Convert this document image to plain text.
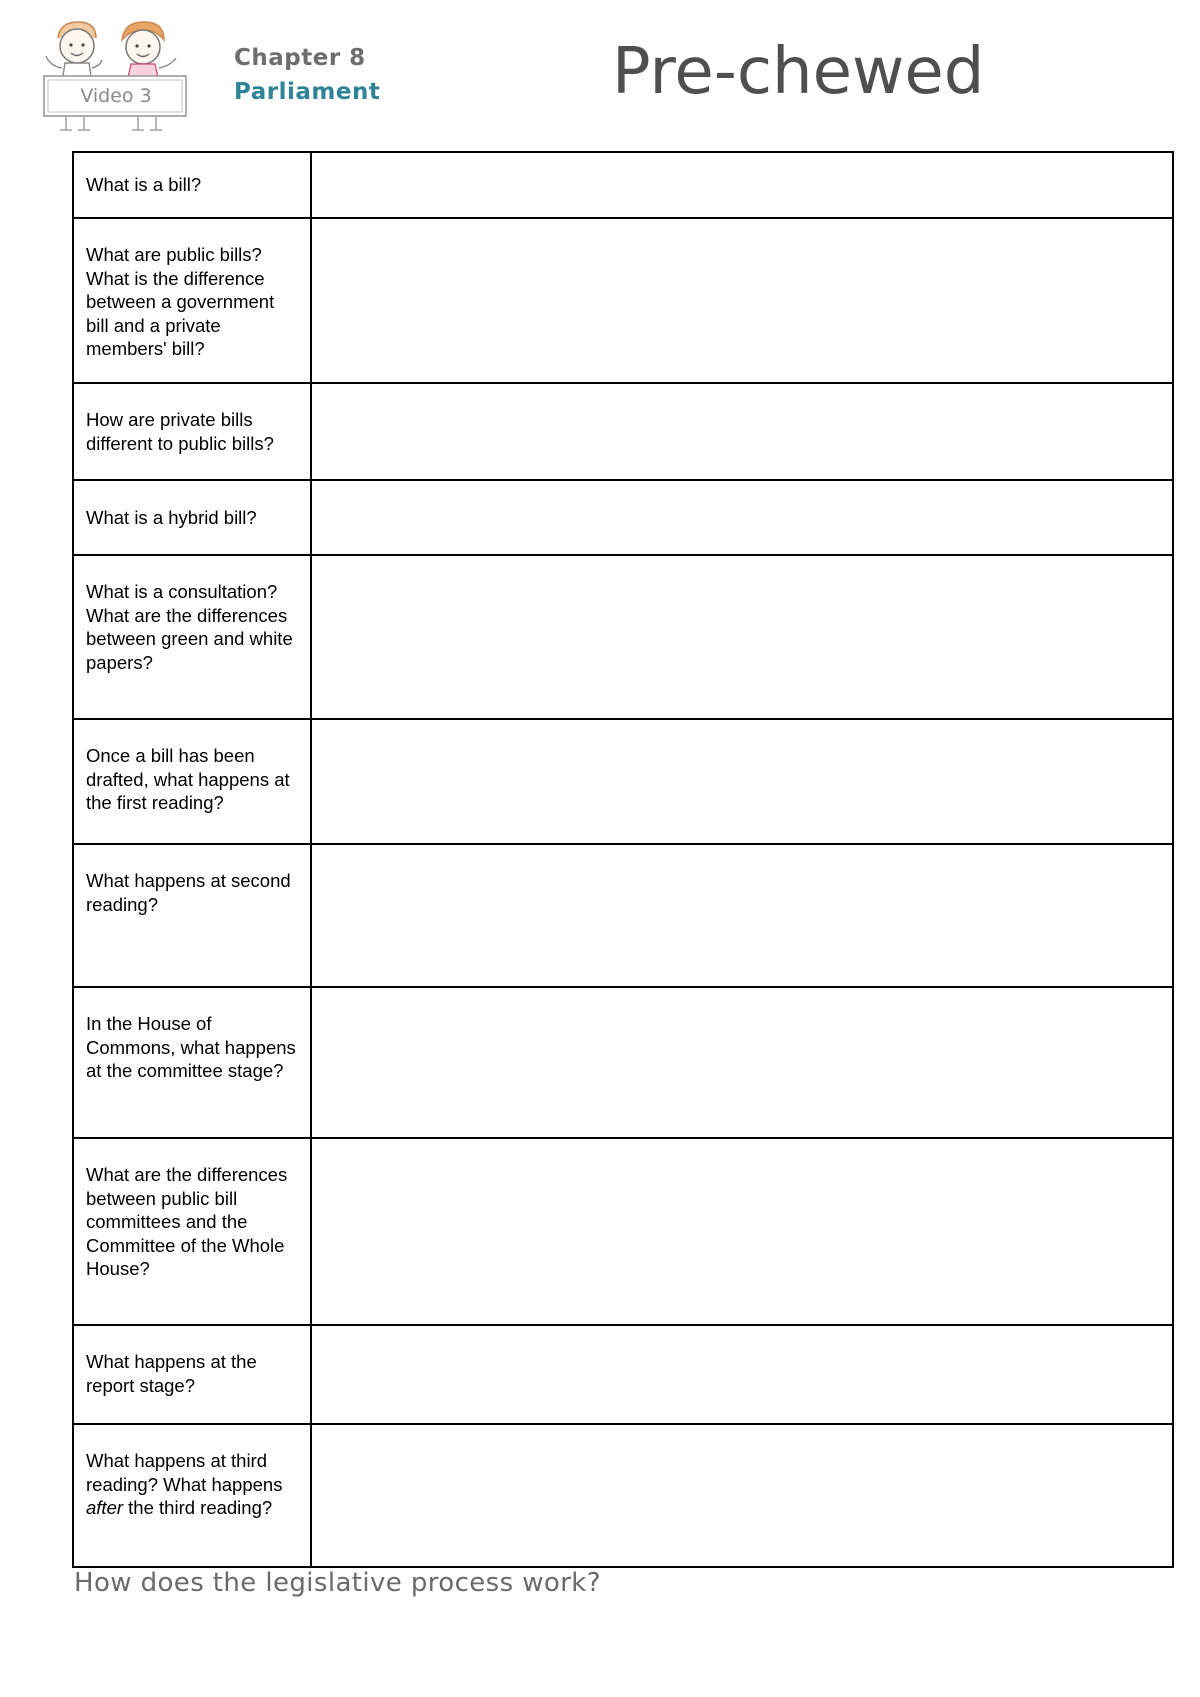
Video 3
Chapter 8
Parliament	Pre-chewed
What is a bill?	

What are public bills? What is the difference between a government bill and a private members' bill?	

How are private bills different to public bills?	

What is a hybrid bill?	

What is a consultation? What are the differences between green and white papers?	

Once a bill has been drafted, what happens at the first reading?	

What happens at second reading?	

In the House of Commons, what happens at the committee stage?	

What are the differences between public bill committees and the Committee of the Whole House?	

What happens at the report stage?	

What happens at third reading? What happens after the third reading?	

How does the legislative process work?
